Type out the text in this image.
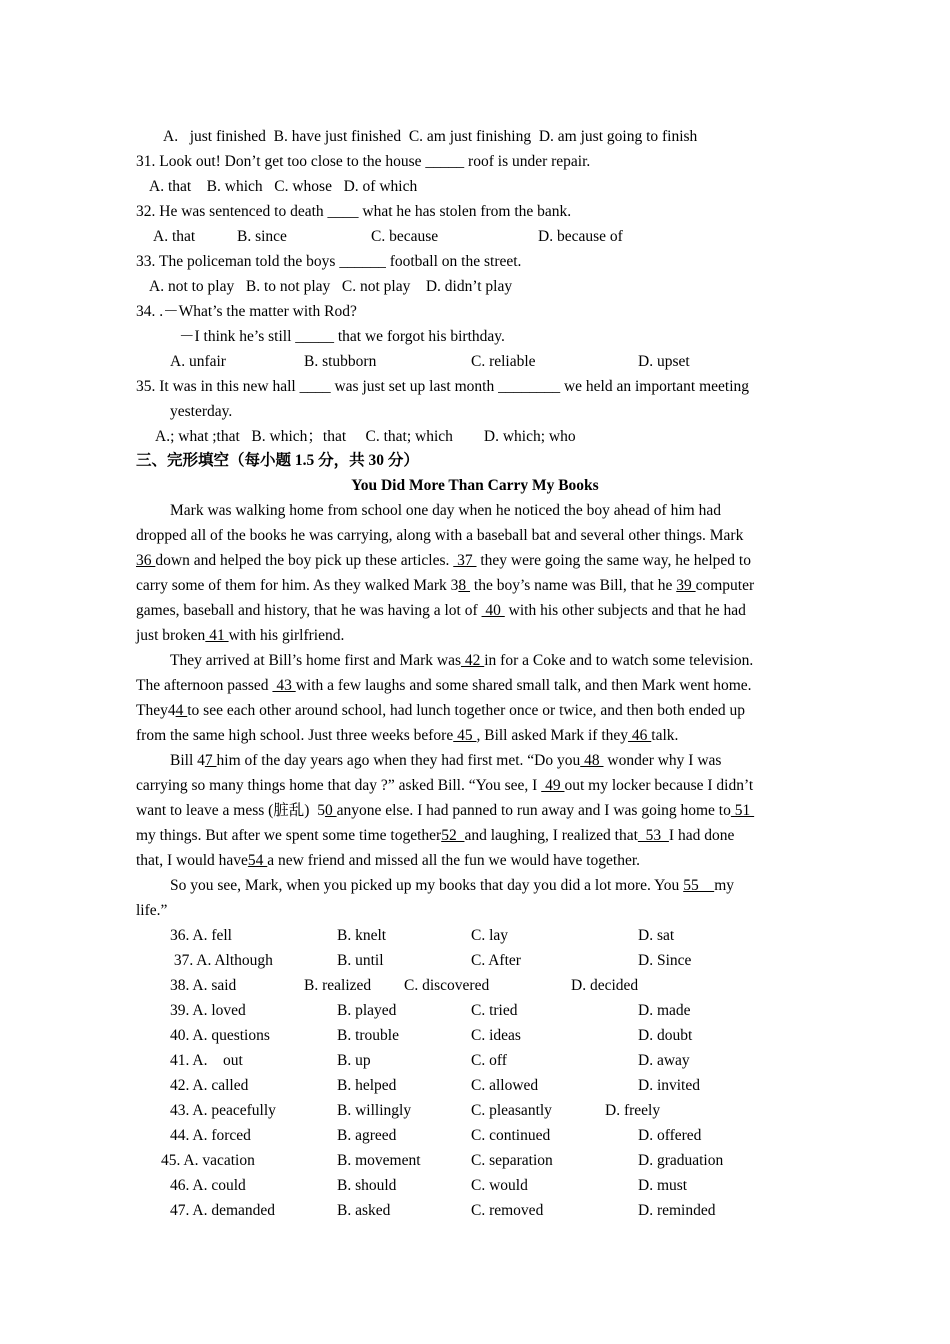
A.   just finished  B. have just finished  C. am just finishing  D. am just going to finish
31. Look out! Don’t get too close to the house _____ roof is under repair.
A. that    B. which   C. whose   D. of which
32. He was sentenced to death ____ what he has stolen from the bank.
A. that	B. since	C. because	D. because of
33. The policeman told the boys ______ football on the street.
A. not to play   B. to not play   C. not play    D. didn’t play
34. .－What’s the matter with Rod?
－I think he’s still _____ that we forgot his birthday.
A. unfair	B. stubborn	C. reliable	D. upset
35. It was in this new hall ____ was just set up last month ________ we held an important meeting
yesterday.
A.; what ;that   B. which；that     C. that; which        D. which; who
三、完形填空（每小题 1.5 分，共 30 分）
You Did More Than Carry My Books
Mark was walking home from school one day when he noticed the boy ahead of him had
dropped all of the books he was carrying, along with a baseball bat and several other things. Mark
36 down and helped the boy pick up these articles.  37  they were going the same way, he helped to
carry some of them for him. As they walked Mark 38  the boy’s name was Bill, that he 39 computer
games, baseball and history, that he was having a lot of  40  with his other subjects and that he had
just broken 41 with his girlfriend.
They arrived at Bill’s home first and Mark was 42 in for a Coke and to watch some television.
The afternoon passed  43 with a few laughs and some shared small talk, and then Mark went home.
They44 to see each other around school, had lunch together once or twice, and then both ended up
from the same high school. Just three weeks before 45 , Bill asked Mark if they 46 talk.
Bill 47 him of the day years ago when they had first met. “Do you 48  wonder why I was
carrying so many things home that day ?” asked Bill. “You see, I  49 out my locker because I didn’t
want to leave a mess (脏乱)  50 anyone else. I had panned to run away and I was going home to 51
my things. But after we spent some time together52  and laughing, I realized that  53  I had done
that, I would have54 a new friend and missed all the fun we would have together.
So you see, Mark, when you picked up my books that day you did a lot more. You 55    my
life.”
36. A. fell	B. knelt	C. lay	D. sat
37. A. Although	B. until	C. After	D. Since
38. A. said	B. realized C. discovered	D. decided
39. A. loved	B. played	C. tried	D. made
40. A. questions	B. trouble	C. ideas	D. doubt
41. A.    out	B. up	C. off	D. away
42. A. called	B. helped	C. allowed	D. invited
43. A. peacefully	B. willingly	C. pleasantly	D. freely
44. A. forced	B. agreed	C. continued	D. offered
45. A. vacation	B. movement	C. separation	D. graduation
46. A. could	B. should	C. would	D. must
47. A. demanded	B. asked	C. removed	D. reminded
